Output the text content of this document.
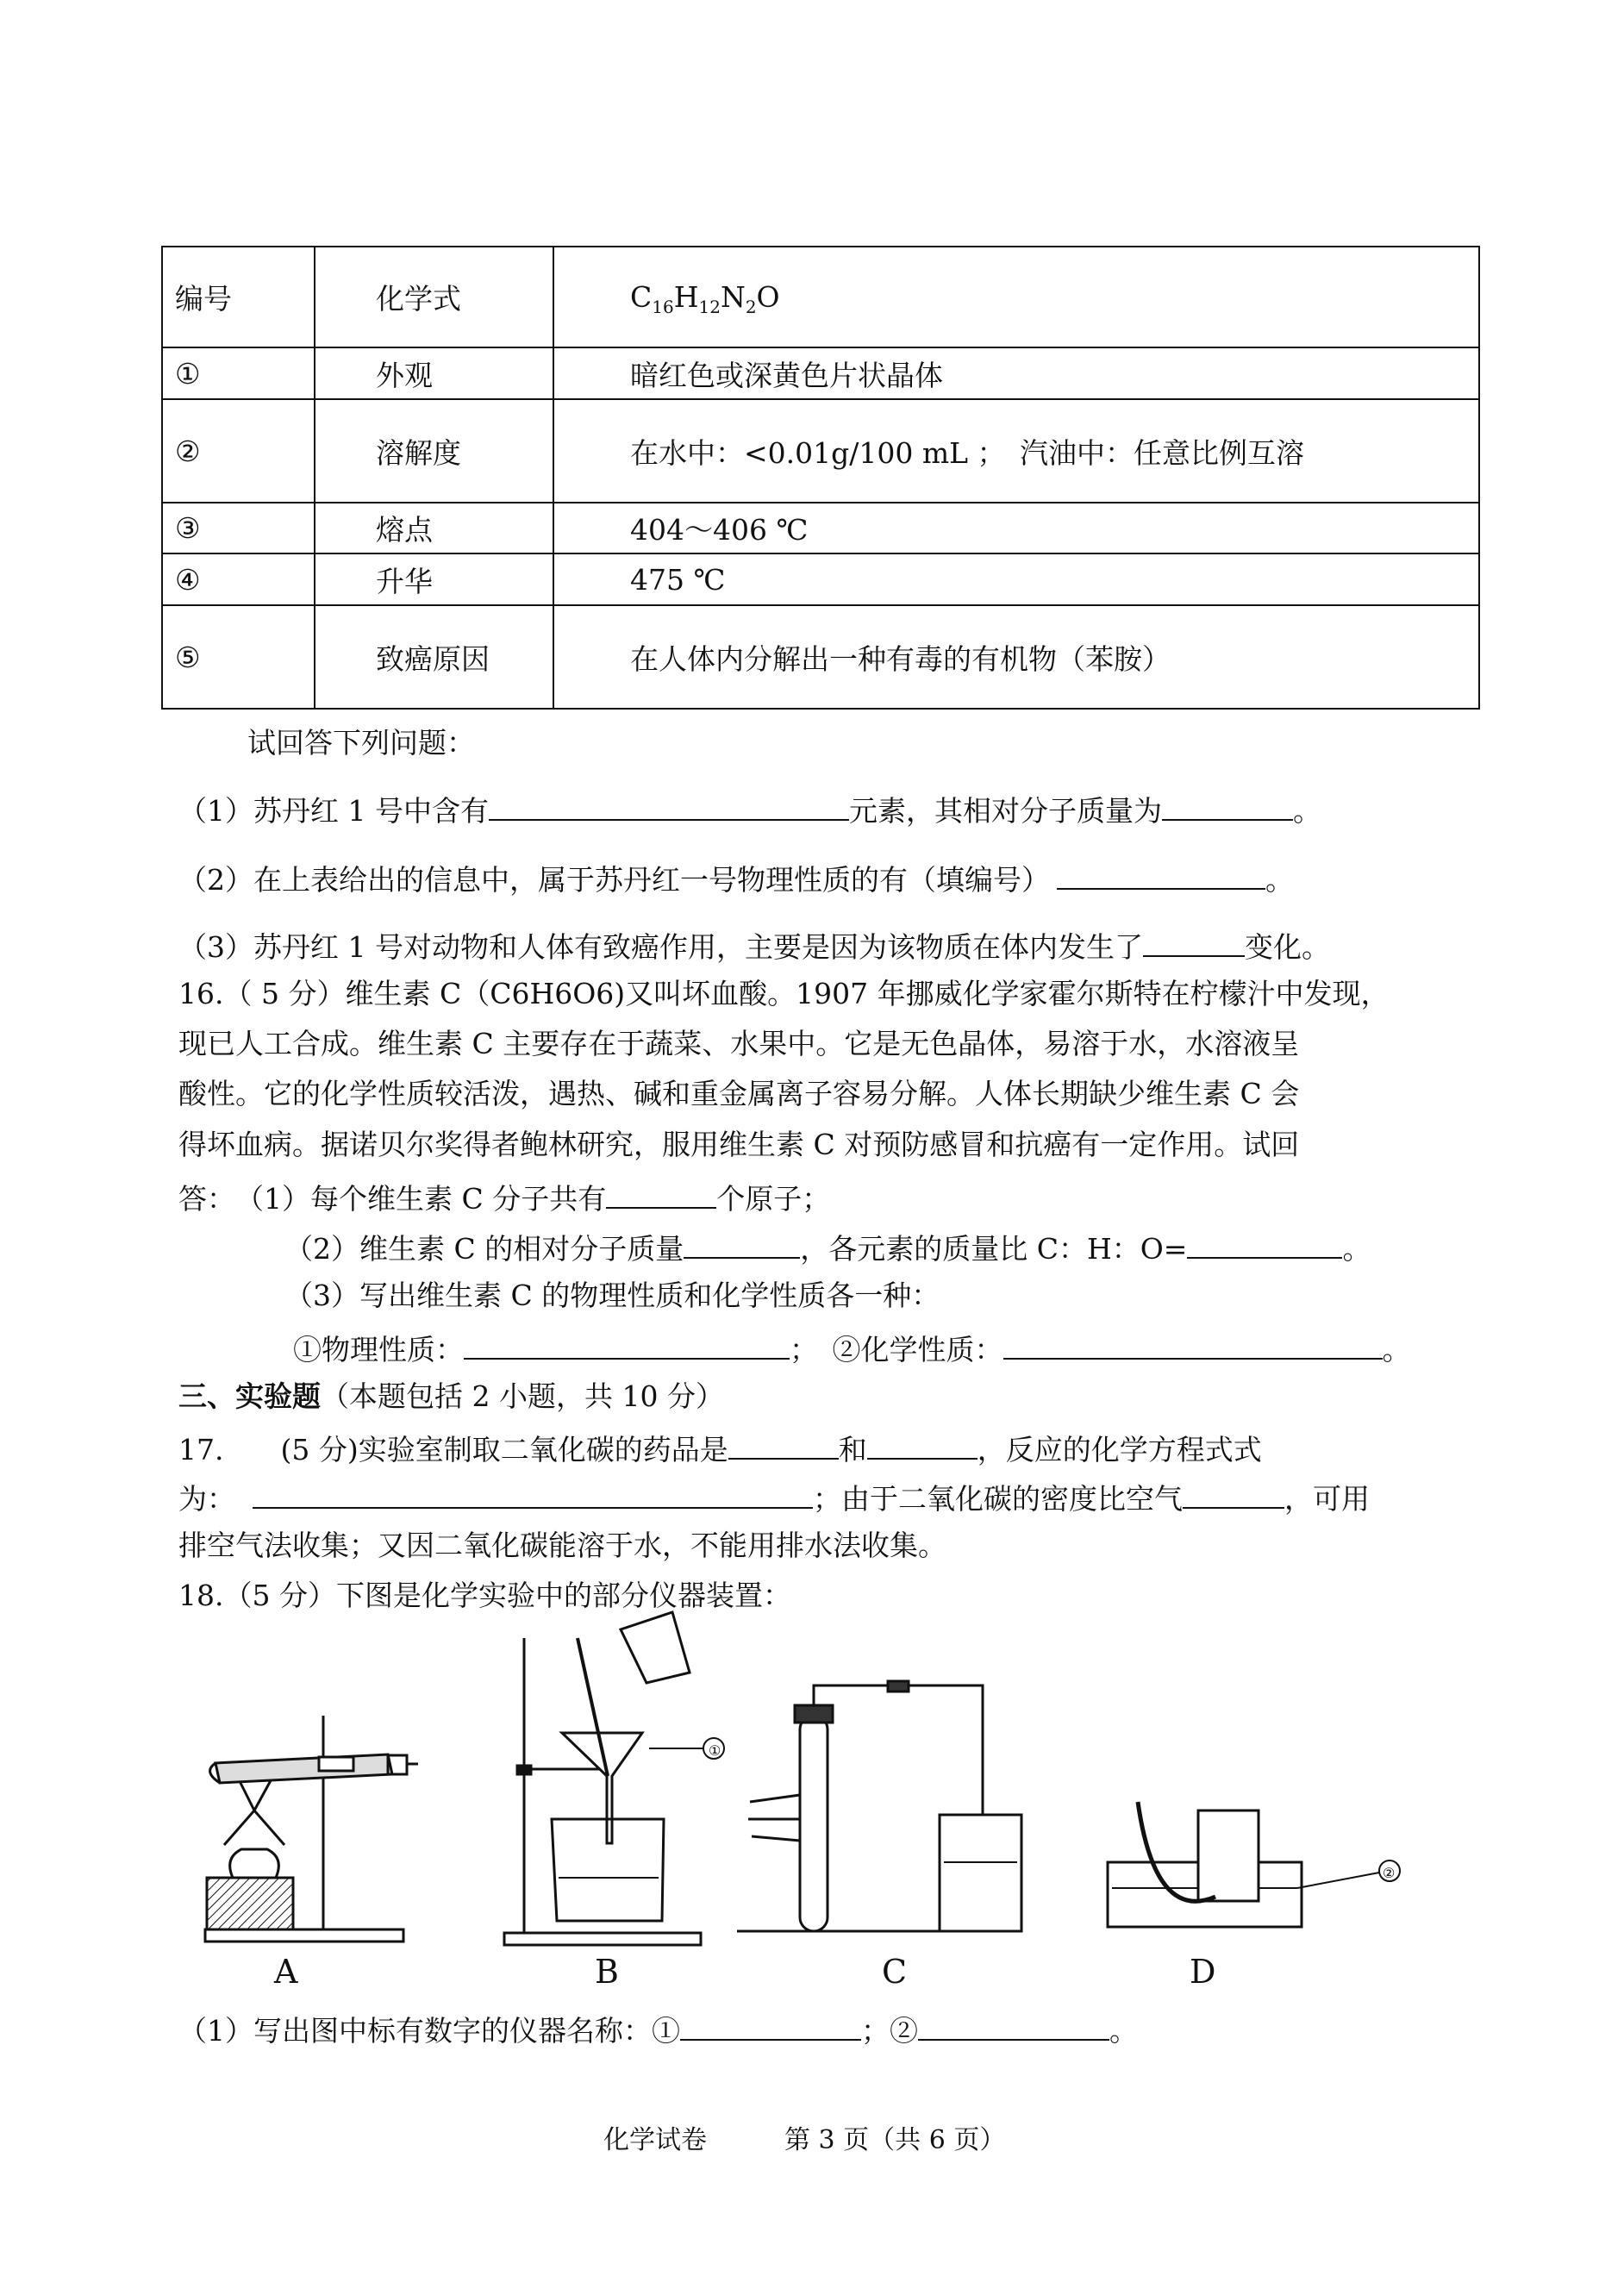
编号	化学式	$C_{16}H_{12}N_2O$
①	外观	暗红色或深黄色片状晶体
②	溶解度	在水中：<0.01g/100 mL ；　汽油中：任意比例互溶
③	熔点	404～406 ℃
④	升华	475 ℃
⑤	致癌原因	在人体内分解出一种有毒的有机物（苯胺）
试回答下列问题：
（1）苏丹红 1 号中含有	元素，其相对分子质量为	。
（2）在上表给出的信息中，属于苏丹红一号物理性质的有（填编号）	。
（3）苏丹红 1 号对动物和人体有致癌作用，主要是因为该物质在体内发生了	变化。
16.（ 5 分）维生素 C（C6H6O6)又叫坏血酸。1907 年挪威化学家霍尔斯特在柠檬汁中发现，
现已人工合成。维生素 C 主要存在于蔬菜、水果中。它是无色晶体，易溶于水，水溶液呈
酸性。它的化学性质较活泼，遇热、碱和重金属离子容易分解。人体长期缺少维生素 C 会
得坏血病。据诺贝尔奖得者鲍林研究，服用维生素 C 对预防感冒和抗癌有一定作用。试回
答：　（1）每个维生素 C 分子共有	个原子；
（2）维生素 C 的相对分子质量	，各元素的质量比 C：H：O=	。
（3）写出维生素 C 的物理性质和化学性质各一种：
①物理性质：	；　②化学性质：	。
三、实验题（本题包括 2 小题，共 10 分）
17.　　(5 分)实验室制取二氧化碳的药品是	和	，反应的化学方程式式
为：	；由于二氧化碳的密度比空气	，可用
排空气法收集；又因二氧化碳能溶于水，不能用排水法收集。
18.（5 分）下图是化学实验中的部分仪器装置：
①
②
A	B	C	D
（1）写出图中标有数字的仪器名称：①	；②	。
化学试卷	第 3 页（共 6 页）
